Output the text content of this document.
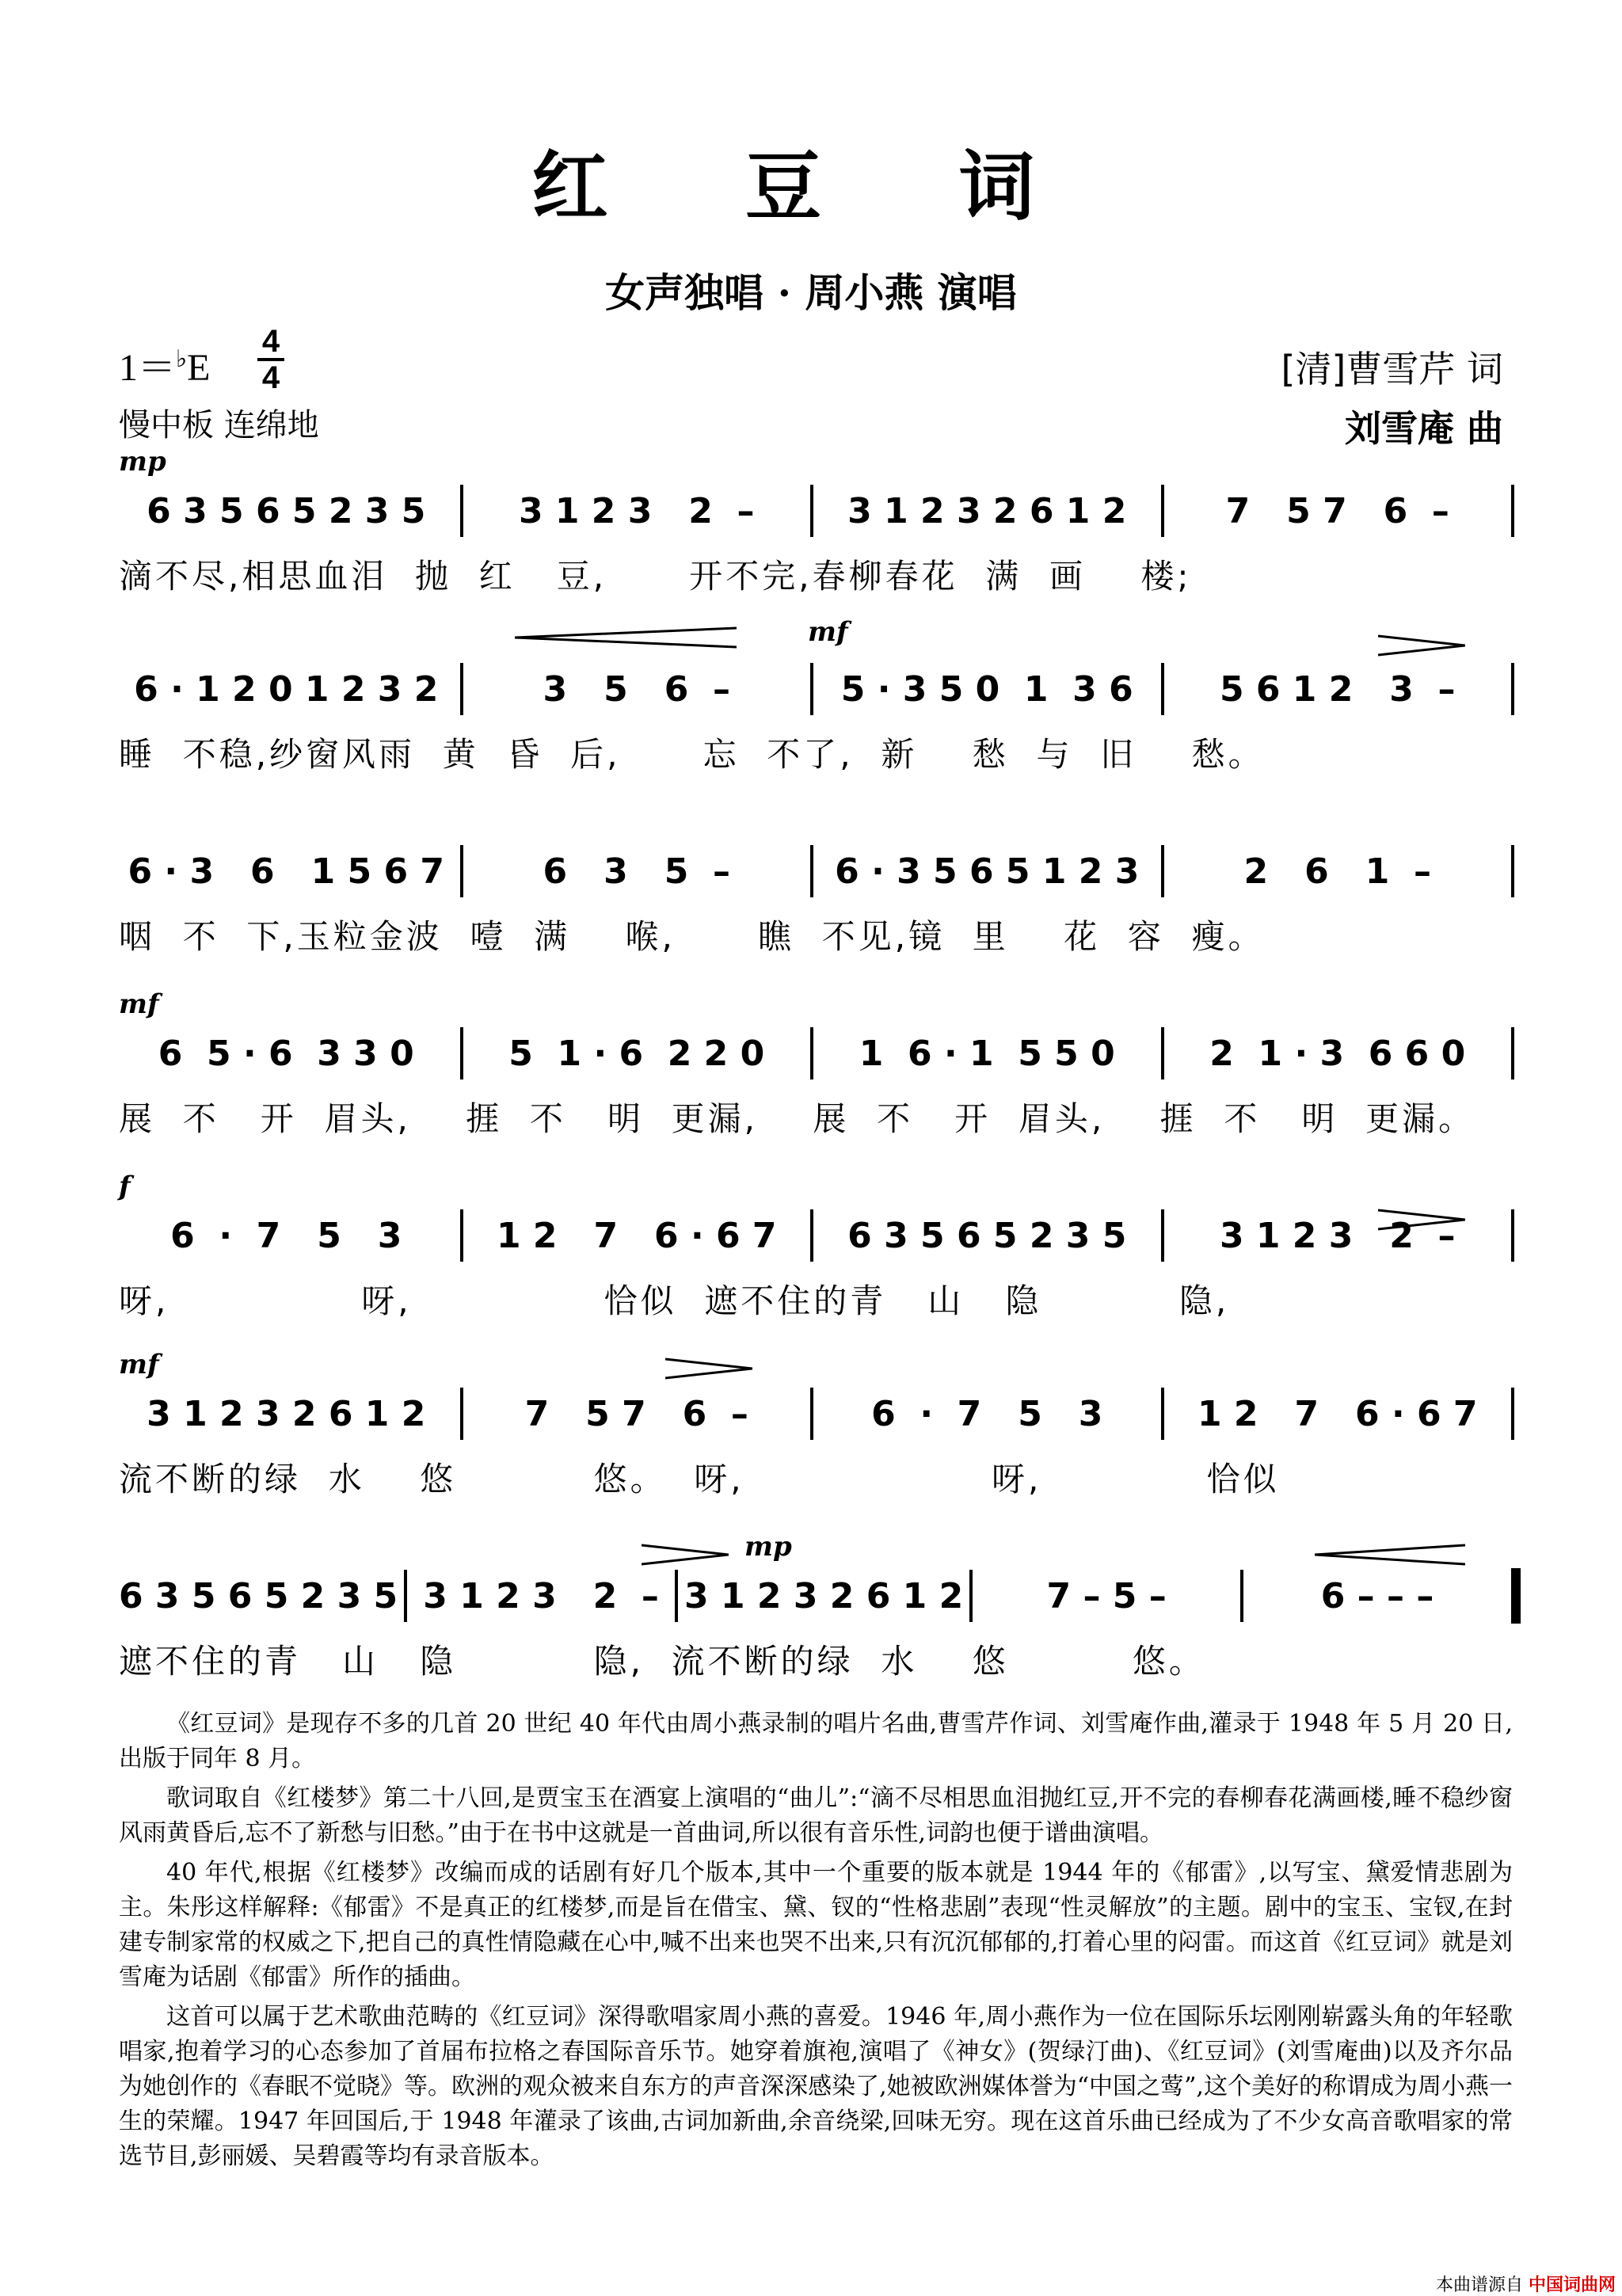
红 豆 词
女声独唱 · 周小燕 演唱
1＝♭E
4
4
慢中板 连绵地
[清]曹雪芹 词
刘雪庵 曲
mp
6 3 5 6 5 2 3 5	3 1 2 3   2  –	3 1 2 3 2 6 1 2	7   5 7   6  –
滴不尽,相思血泪  抛  红   豆,      开不完,春柳春花  满  画    楼;
mf
6 · 1 2 0 1 2 3 2	3   5   6  –	5 · 3 5 0  1  3 6	5 6 1 2   3  –
睡  不稳,纱窗风雨  黄  昏  后,      忘  不了,  新    愁  与  旧    愁。
6 · 3   6   1 5 6 7	6   3   5  –	6 · 3 5 6 5 1 2 3	2   6   1  –
咽  不  下,玉粒金波  噎  满    喉,      瞧  不见,镜  里    花  容  瘦。
mf
6  5 · 6  3 3 0	5  1 · 6  2 2 0	1  6 · 1  5 5 0	2  1 · 3  6 6 0
展  不   开  眉头,    捱  不   明  更漏,    展  不   开  眉头,    捱  不   明  更漏。
f
6  ·  7   5   3	1 2   7   6 · 6 7	6 3 5 6 5 2 3 5	3 1 2 3   2  –
呀,              呀,              恰似  遮不住的青   山   隐          隐,
mf
3 1 2 3 2 6 1 2	7   5 7   6  –	6  ·  7   5   3	1 2   7   6 · 6 7
流不断的绿  水    悠          悠。  呀,                  呀,            恰似
mp
6 3 5 6 5 2 3 5 3 1 2 3   2  – 3 1 2 3 2 6 1 2	7 – 5 –	6 – – –
遮不住的青   山   隐          隐,  流不断的绿  水    悠         悠。

《红豆词》是现存不多的几首 20 世纪 40 年代由周小燕录制的唱片名曲,曹雪芹作词、刘雪庵作曲,灌录于 1948 年 5 月 20 日,出版于同年 8 月。

歌词取自《红楼梦》第二十八回,是贾宝玉在酒宴上演唱的“曲儿”:“滴不尽相思血泪抛红豆,开不完的春柳春花满画楼,睡不稳纱窗风雨黄昏后,忘不了新愁与旧愁。”由于在书中这就是一首曲词,所以很有音乐性,词韵也便于谱曲演唱。

40 年代,根据《红楼梦》改编而成的话剧有好几个版本,其中一个重要的版本就是 1944 年的《郁雷》,以写宝、黛爱情悲剧为主。朱彤这样解释:《郁雷》不是真正的红楼梦,而是旨在借宝、黛、钗的“性格悲剧”表现“性灵解放”的主题。剧中的宝玉、宝钗,在封建专制家常的权威之下,把自己的真性情隐藏在心中,喊不出来也哭不出来,只有沉沉郁郁的,打着心里的闷雷。而这首《红豆词》就是刘雪庵为话剧《郁雷》所作的插曲。

这首可以属于艺术歌曲范畴的《红豆词》深得歌唱家周小燕的喜爱。1946 年,周小燕作为一位在国际乐坛刚刚崭露头角的年轻歌唱家,抱着学习的心态参加了首届布拉格之春国际音乐节。她穿着旗袍,演唱了《神女》(贺绿汀曲)、《红豆词》(刘雪庵曲)以及齐尔品为她创作的《春眠不觉晓》等。欧洲的观众被来自东方的声音深深感染了,她被欧洲媒体誉为“中国之莺”,这个美好的称谓成为周小燕一生的荣耀。1947 年回国后,于 1948 年灌录了该曲,古词加新曲,余音绕梁,回味无穷。现在这首乐曲已经成为了不少女高音歌唱家的常选节目,彭丽媛、吴碧霞等均有录音版本。

本曲谱源自 中国词曲网
